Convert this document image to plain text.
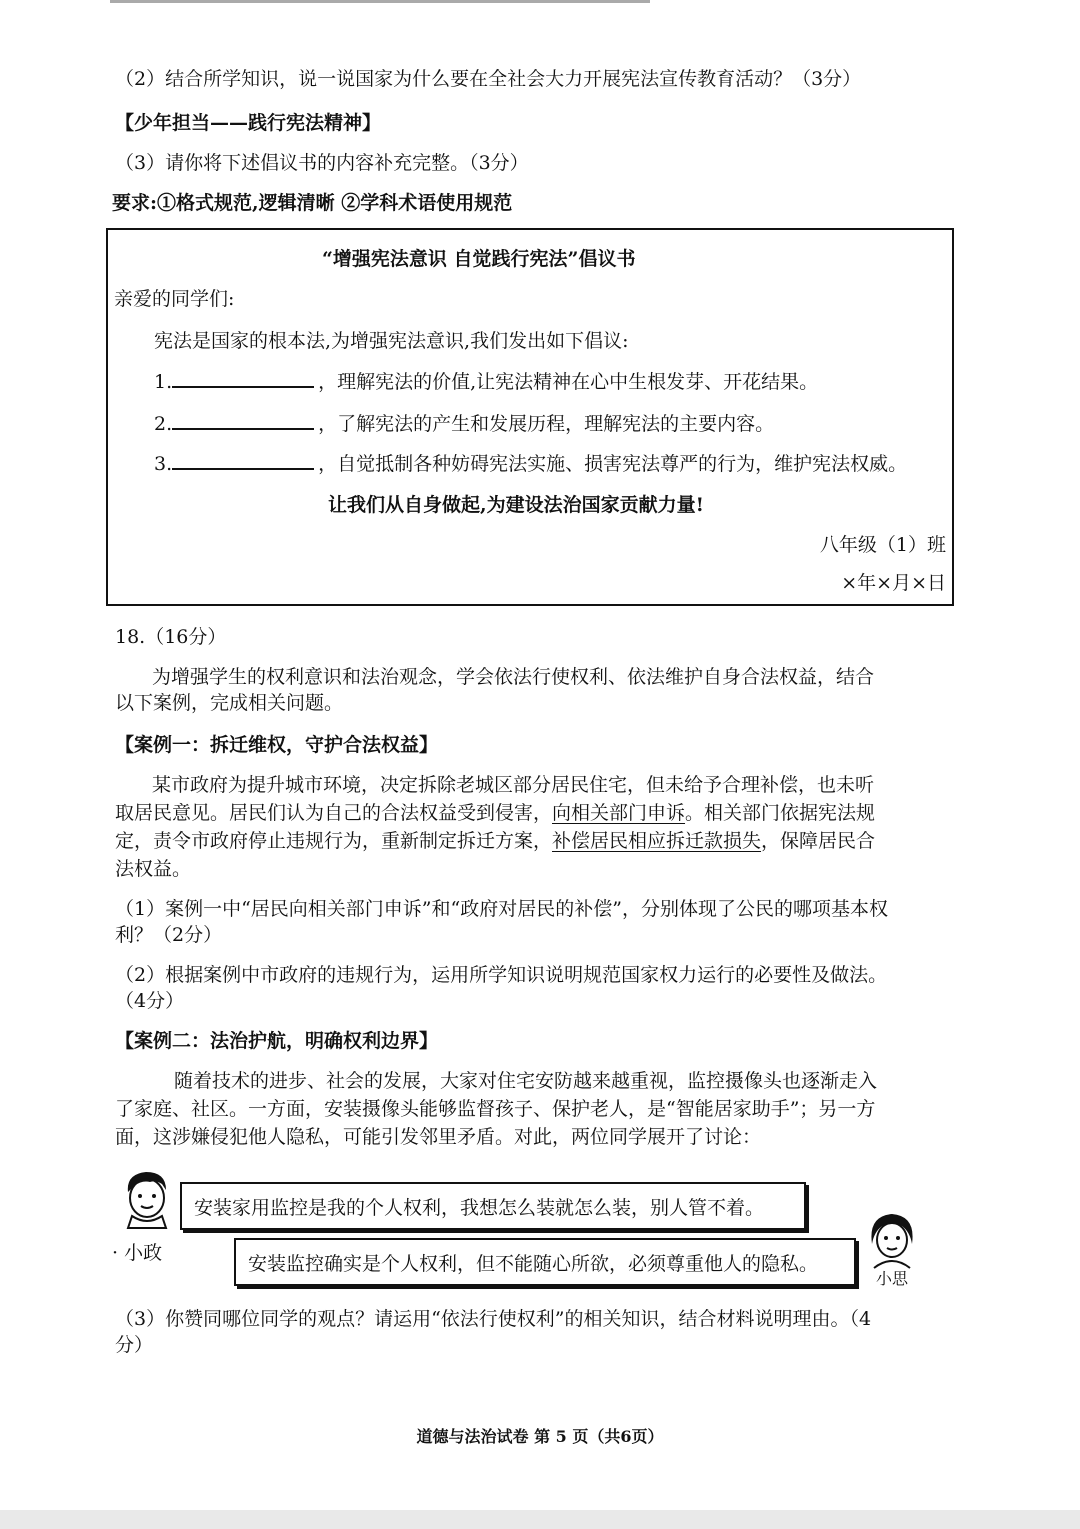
（2）结合所学知识，说一说国家为什么要在全社会大力开展宪法宣传教育活动？（3分）
【少年担当——践行宪法精神】
（3）请你将下述倡议书的内容补充完整。（3分）
要求:①格式规范,逻辑清晰 ②学科术语使用规范
“增强宪法意识 自觉践行宪法”倡议书
亲爱的同学们:
宪法是国家的根本法,为增强宪法意识,我们发出如下倡议:
1.	，理解宪法的价值,让宪法精神在心中生根发芽、开花结果。
2.	，了解宪法的产生和发展历程，理解宪法的主要内容。
3.	，自觉抵制各种妨碍宪法实施、损害宪法尊严的行为，维护宪法权威。
让我们从自身做起,为建设法治国家贡献力量!
八年级（1）班
×年×月×日
18.（16分）
为增强学生的权利意识和法治观念，学会依法行使权利、依法维护自身合法权益，结合
以下案例，完成相关问题。
【案例一：拆迁维权，守护合法权益】
某市政府为提升城市环境，决定拆除老城区部分居民住宅，但未给予合理补偿，也未听
取居民意见。居民们认为自己的合法权益受到侵害，向相关部门申诉。相关部门依据宪法规
定，责令市政府停止违规行为，重新制定拆迁方案，补偿居民相应拆迁款损失，保障居民合
法权益。
（1）案例一中“居民向相关部门申诉”和“政府对居民的补偿”，分别体现了公民的哪项基本权
利？（2分）
（2）根据案例中市政府的违规行为，运用所学知识说明规范国家权力运行的必要性及做法。
（4分）
【案例二：法治护航，明确权利边界】
随着技术的进步、社会的发展，大家对住宅安防越来越重视，监控摄像头也逐渐走入
了家庭、社区。一方面，安装摄像头能够监督孩子、保护老人，是“智能居家助手”；另一方
面，这涉嫌侵犯他人隐私，可能引发邻里矛盾。对此，两位同学展开了讨论：
· 小政
安装家用监控是我的个人权利，我想怎么装就怎么装，别人管不着。
安装监控确实是个人权利，但不能随心所欲，必须尊重他人的隐私。
小思
（3）你赞同哪位同学的观点？请运用“依法行使权利”的相关知识，结合材料说明理由。（4
分）
道德与法治试卷 第 5 页（共6页）
